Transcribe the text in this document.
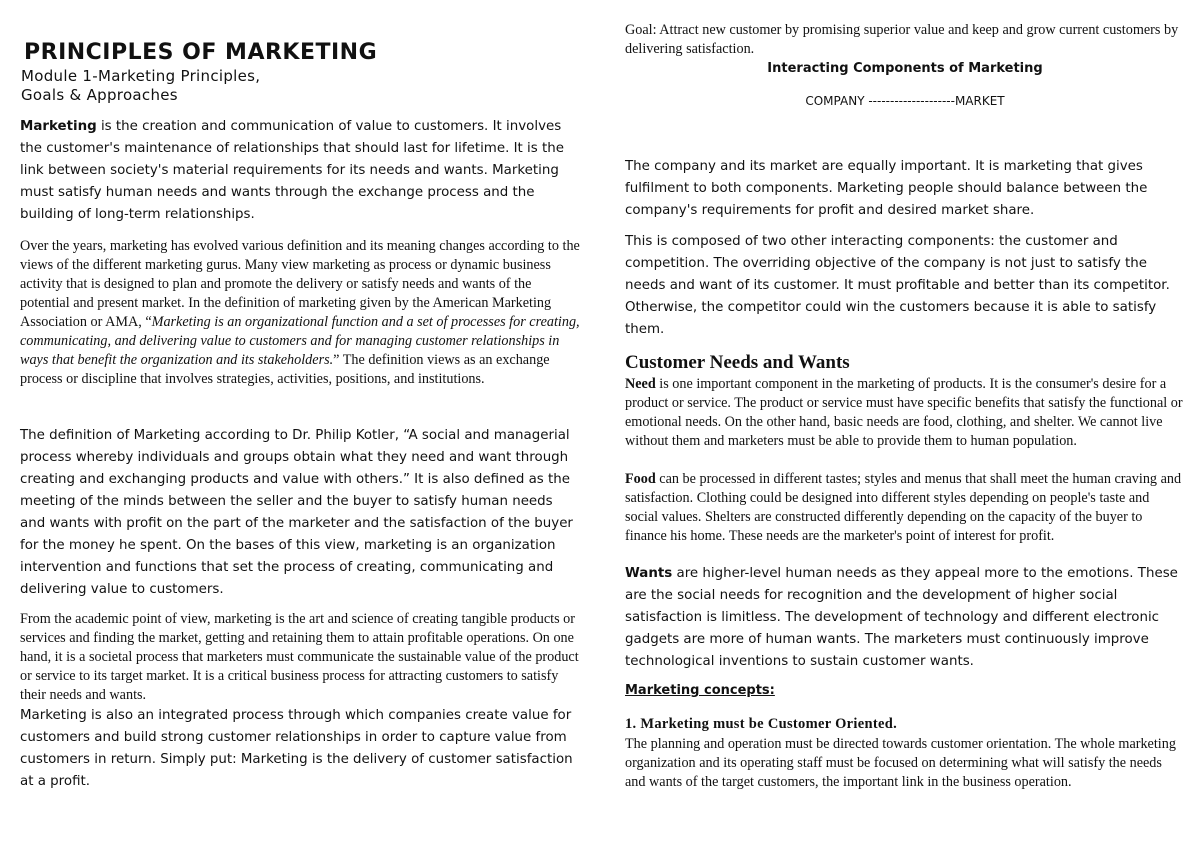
PRINCIPLES OF MARKETING
Module 1-Marketing Principles,
Goals & Approaches

Marketing is the creation and communication of value to customers. It involves the customer's maintenance of relationships that should last for lifetime. It is the link between society's material requirements for its needs and wants. Marketing must satisfy human needs and wants through the exchange process and the building of long-term relationships.

Over the years, marketing has evolved various definition and its meaning changes according to the views of the different marketing gurus. Many view marketing as process or dynamic business activity that is designed to plan and promote the delivery or satisfy needs and wants of the potential and present market. In the definition of marketing given by the American Marketing Association or AMA, “Marketing is an organizational function and a set of processes for creating, communicating, and delivering value to customers and for managing customer relationships in ways that benefit the organization and its stakeholders.” The definition views as an exchange process or discipline that involves strategies, activities, positions, and institutions.

The definition of Marketing according to Dr. Philip Kotler, “A social and managerial process whereby individuals and groups obtain what they need and want through creating and exchanging products and value with others.” It is also defined as the meeting of the minds between the seller and the buyer to satisfy human needs and wants with profit on the part of the marketer and the satisfaction of the buyer for the money he spent. On the bases of this view, marketing is an organization intervention and functions that set the process of creating, communicating and delivering value to customers.

From the academic point of view, marketing is the art and science of creating tangible products or services and finding the market, getting and retaining them to attain profitable operations. On one hand, it is a societal process that marketers must communicate the sustainable value of the product or service to its target market. It is a critical business process for attracting customers to satisfy their needs and wants.

Marketing is also an integrated process through which companies create value for customers and build strong customer relationships in order to capture value from customers in return. Simply put: Marketing is the delivery of customer satisfaction at a profit.

Goal: Attract new customer by promising superior value and keep and grow current customers by delivering satisfaction.

Interacting Components of Marketing
COMPANY --------------------MARKET

The company and its market are equally important. It is marketing that gives fulfilment to both components. Marketing people should balance between the company's requirements for profit and desired market share.

This is composed of two other interacting components: the customer and competition. The overriding objective of the company is not just to satisfy the needs and want of its customer. It must profitable and better than its competitor. Otherwise, the competitor could win the customers because it is able to satisfy them.

Customer Needs and Wants

Need is one important component in the marketing of products. It is the consumer's desire for a product or service. The product or service must have specific benefits that satisfy the functional or emotional needs. On the other hand, basic needs are food, clothing, and shelter. We cannot live without them and marketers must be able to provide them to human population.

Food can be processed in different tastes; styles and menus that shall meet the human craving and satisfaction. Clothing could be designed into different styles depending on people's taste and social values. Shelters are constructed differently depending on the capacity of the buyer to finance his home. These needs are the marketer's point of interest for profit.

Wants are higher-level human needs as they appeal more to the emotions. These are the social needs for recognition and the development of higher social satisfaction is limitless. The development of technology and different electronic gadgets are more of human wants. The marketers must continuously improve technological inventions to sustain customer wants.

Marketing concepts:

1. Marketing must be Customer Oriented.

The planning and operation must be directed towards customer orientation. The whole marketing organization and its operating staff must be focused on determining what will satisfy the needs and wants of the target customers, the important link in the business operation.
